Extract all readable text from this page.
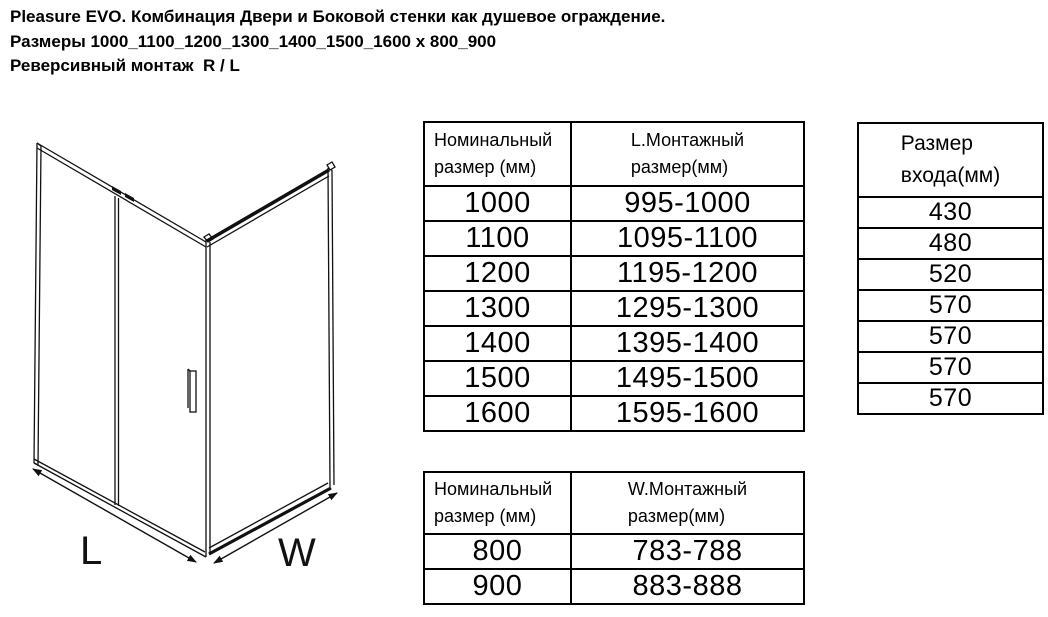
Pleasure EVO. Комбинация Двери и Боковой стенки как душевое ограждение.
Размеры 1000_1100_1200_1300_1400_1500_1600 x 800_900
Реверсивный монтаж  R / L
L	W
Номинальный
размер (мм)

L.Монтажный
размер(мм)

1000	995-1000
1100	1095-1100
1200	1195-1200
1300	1295-1300
1400	1395-1400
1500	1495-1500
1600	1595-1600
Размер
входа(мм)

430
480
520
570
570
570
570
Номинальный
размер (мм)

W.Монтажный
размер(мм)

800	783-788
900	883-888
